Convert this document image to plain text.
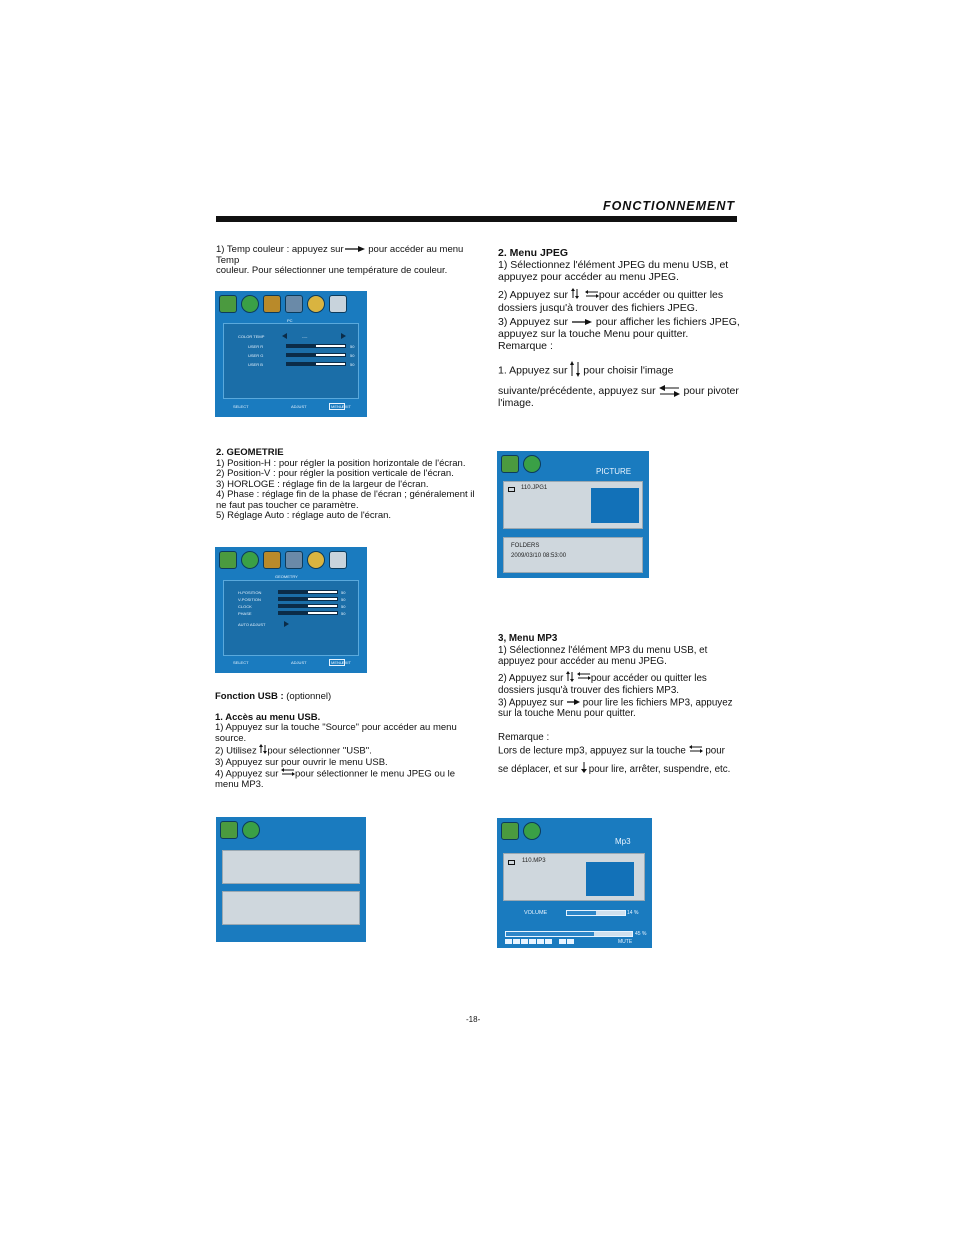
FONCTIONNEMENT

1) Temp couleur : appuyez sur
pour accéder au menu Temp

couleur. Pour sélectionner une température de couleur.

PC
COLOR TEMP	----
USER R	50
USER G	50
USER B	50
SELECT	ADJUST	MENU EXIT

2. GEOMETRIE

1) Position-H : pour régler la position horizontale de l'écran.

2) Position-V : pour régler la position verticale de l'écran.

3) HORLOGE : réglage fin de la largeur de l'écran.

4) Phase : réglage fin de la phase de l'écran ; généralement il

ne faut pas toucher ce paramètre.

5) Réglage Auto : réglage auto de l'écran.

GEOMETRY
H-POSITION	50
V-POSITION	50
CLOCK	50
PHASE	50
AUTO ADJUST
SELECT	ADJUST	MENU EXIT

Fonction USB : (optionnel)

1. Accès au menu USB.

1) Appuyez sur la touche "Source" pour accéder au menu

source.

2) Utilisez pour sélectionner "USB".

3) Appuyez sur pour ouvrir le menu USB.

4) Appuyez sur pour sélectionner le menu JPEG ou le

menu MP3.

2. Menu JPEG

1) Sélectionnez l'élément JPEG du menu USB, et

appuyez pour accéder au menu JPEG.

2) Appuyez sur	pour accéder ou quitter les

dossiers jusqu'à trouver des fichiers JPEG.

3) Appuyez sur
pour afficher les fichiers JPEG,

appuyez sur la touche Menu pour quitter.

Remarque :

1. Appuyez sur  pour choisir l'image

suivante/précédente, appuyez sur
pour pivoter

l'image.

PICTURE
110.JPG1
FOLDERS
2009/03/10 08:53:00

3, Menu MP3

1) Sélectionnez l'élément MP3 du menu USB, et

appuyez pour accéder au menu JPEG.

2) Appuyez sur	pour accéder ou quitter les

dossiers jusqu'à trouver des fichiers MP3.

3) Appuyez sur  pour lire les fichiers MP3, appuyez

sur la touche Menu pour quitter.

Remarque :

Lors de lecture mp3, appuyez sur la touche  pour

se déplacer, et sur pour lire, arrêter, suspendre, etc.

Mp3
110.MP3
VOLUME	14 %
45 %
MUTE
-18-
